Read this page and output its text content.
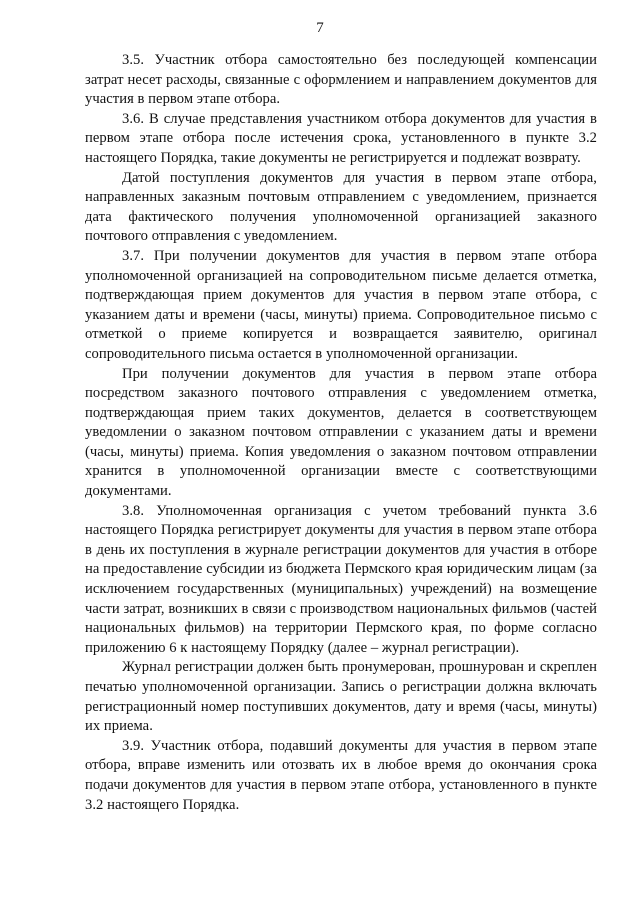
7

3.5. Участник отбора самостоятельно без последующей компенсации затрат несет расходы, связанные с оформлением и направлением документов для участия в первом этапе отбора.

3.6. В случае представления участником отбора документов для участия в первом этапе отбора после истечения срока, установленного в пункте 3.2 настоящего Порядка, такие документы не регистрируется и подлежат возврату.

Датой поступления документов для участия в первом этапе отбора, направленных заказным почтовым отправлением с уведомлением, признается дата фактического получения уполномоченной организацией заказного почтового отправления с уведомлением.

3.7. При получении документов для участия в первом этапе отбора уполномоченной организацией на сопроводительном письме делается отметка, подтверждающая прием документов для участия в первом этапе отбора, с указанием даты и времени (часы, минуты) приема. Сопроводительное письмо с отметкой о приеме копируется и возвращается заявителю, оригинал сопроводительного письма остается в уполномоченной организации.

При получении документов для участия в первом этапе отбора посредством заказного почтового отправления с уведомлением отметка, подтверждающая прием таких документов, делается в соответствующем уведомлении о заказном почтовом отправлении с указанием даты и времени (часы, минуты) приема. Копия уведомления о заказном почтовом отправлении хранится в уполномоченной организации вместе с соответствующими документами.

3.8. Уполномоченная организация с учетом требований пункта 3.6 настоящего Порядка регистрирует документы для участия в первом этапе отбора в день их поступления в журнале регистрации документов для участия в отборе на предоставление субсидии из бюджета Пермского края юридическим лицам (за исключением государственных (муниципальных) учреждений) на возмещение части затрат, возникших в связи с производством национальных фильмов (частей национальных фильмов) на территории Пермского края, по форме согласно приложению 6 к настоящему Порядку (далее – журнал регистрации).

Журнал регистрации должен быть пронумерован, прошнурован и скреплен печатью уполномоченной организации. Запись о регистрации должна включать регистрационный номер поступивших документов, дату и время (часы, минуты) их приема.

3.9. Участник отбора, подавший документы для участия в первом этапе отбора, вправе изменить или отозвать их в любое время до окончания срока подачи документов для участия в первом этапе отбора, установленного в пункте 3.2 настоящего Порядка.
